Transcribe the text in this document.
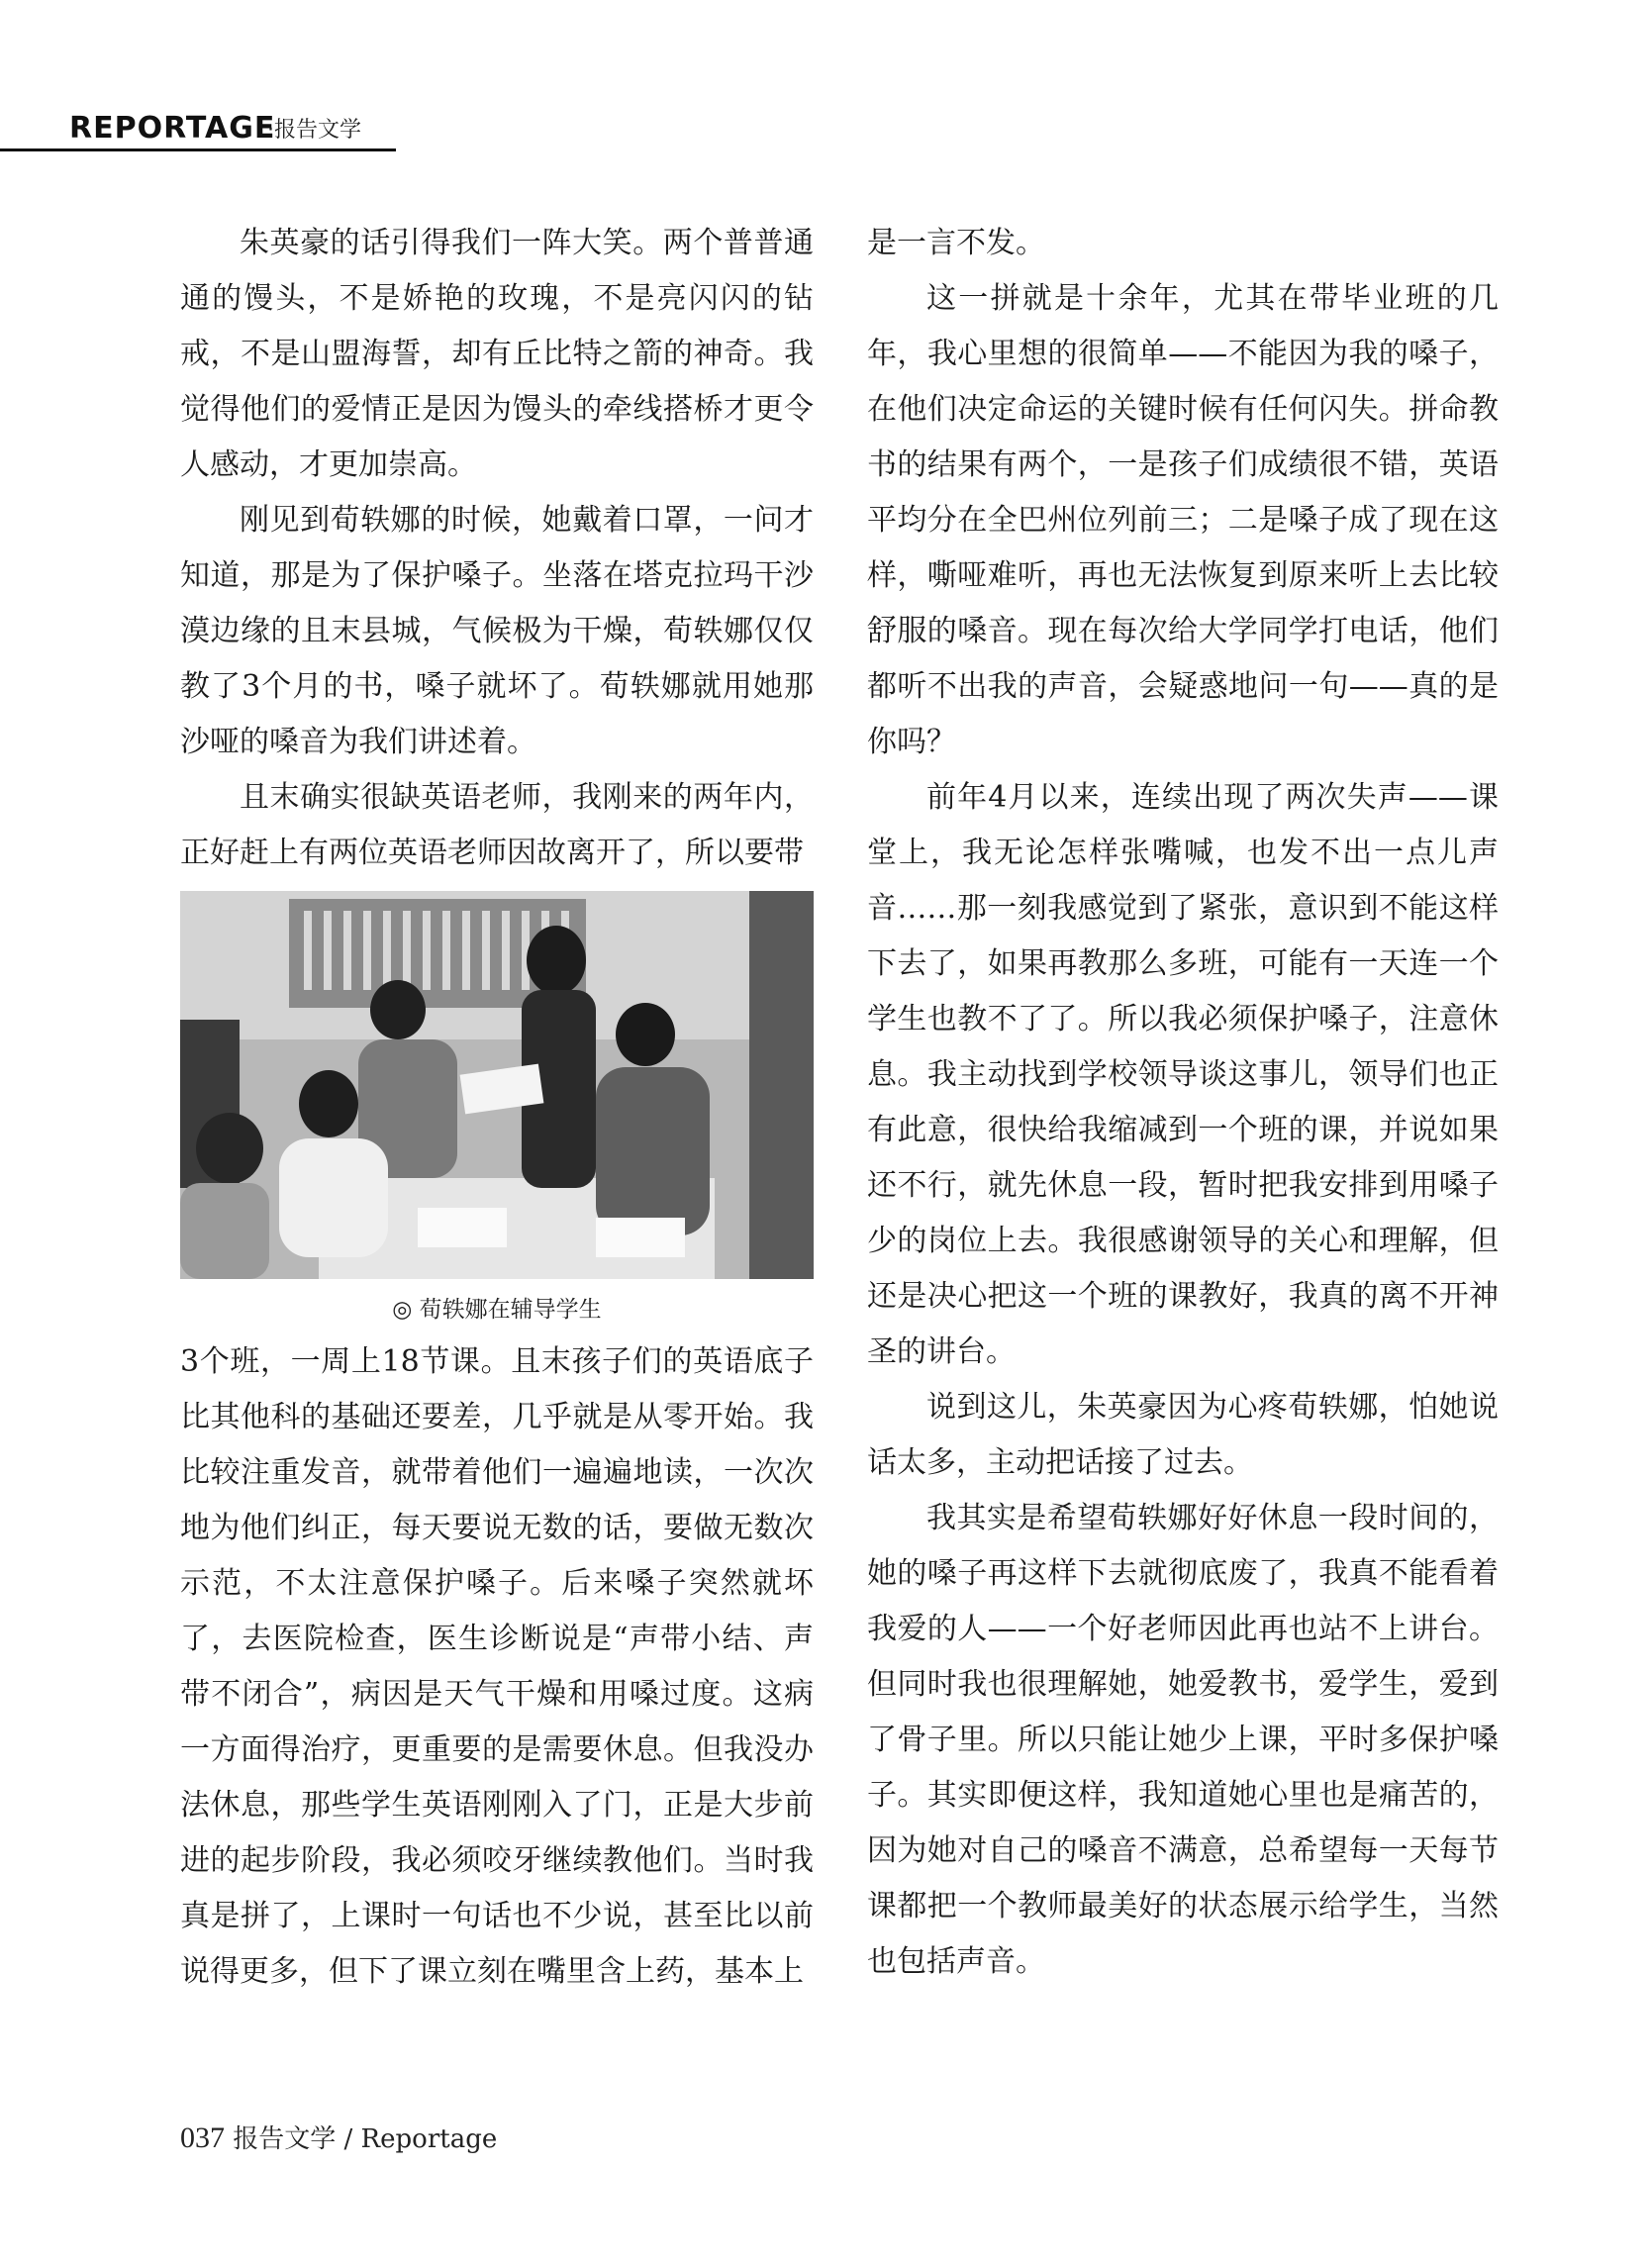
REPORTAGE
·报告文学

朱英豪的话引得我们一阵大笑。两个普普通通的馒头，不是娇艳的玫瑰，不是亮闪闪的钻戒，不是山盟海誓，却有丘比特之箭的神奇。我觉得他们的爱情正是因为馒头的牵线搭桥才更令人感动，才更加崇高。

刚见到荀轶娜的时候，她戴着口罩，一问才知道，那是为了保护嗓子。坐落在塔克拉玛干沙漠边缘的且末县城，气候极为干燥，荀轶娜仅仅教了3个月的书，嗓子就坏了。荀轶娜就用她那沙哑的嗓音为我们讲述着。

且末确实很缺英语老师，我刚来的两年内，正好赶上有两位英语老师因故离开了，所以要带

◎ 荀轶娜在辅导学生

3个班，一周上18节课。且末孩子们的英语底子比其他科的基础还要差，几乎就是从零开始。我比较注重发音，就带着他们一遍遍地读，一次次地为他们纠正，每天要说无数的话，要做无数次示范，不太注意保护嗓子。后来嗓子突然就坏了，去医院检查，医生诊断说是“声带小结、声带不闭合”，病因是天气干燥和用嗓过度。这病一方面得治疗，更重要的是需要休息。但我没办法休息，那些学生英语刚刚入了门，正是大步前进的起步阶段，我必须咬牙继续教他们。当时我真是拼了，上课时一句话也不少说，甚至比以前说得更多，但下了课立刻在嘴里含上药，基本上

是一言不发。

这一拼就是十余年，尤其在带毕业班的几年，我心里想的很简单——不能因为我的嗓子，在他们决定命运的关键时候有任何闪失。拼命教书的结果有两个，一是孩子们成绩很不错，英语平均分在全巴州位列前三；二是嗓子成了现在这样，嘶哑难听，再也无法恢复到原来听上去比较舒服的嗓音。现在每次给大学同学打电话，他们都听不出我的声音，会疑惑地问一句——真的是你吗？

前年4月以来，连续出现了两次失声——课堂上，我无论怎样张嘴喊，也发不出一点儿声音……那一刻我感觉到了紧张，意识到不能这样下去了，如果再教那么多班，可能有一天连一个学生也教不了了。所以我必须保护嗓子，注意休息。我主动找到学校领导谈这事儿，领导们也正有此意，很快给我缩减到一个班的课，并说如果还不行，就先休息一段，暂时把我安排到用嗓子少的岗位上去。我很感谢领导的关心和理解，但还是决心把这一个班的课教好，我真的离不开神圣的讲台。

说到这儿，朱英豪因为心疼荀轶娜，怕她说话太多，主动把话接了过去。

我其实是希望荀轶娜好好休息一段时间的，她的嗓子再这样下去就彻底废了，我真不能看着我爱的人——一个好老师因此再也站不上讲台。但同时我也很理解她，她爱教书，爱学生，爱到了骨子里。所以只能让她少上课，平时多保护嗓子。其实即便这样，我知道她心里也是痛苦的，因为她对自己的嗓音不满意，总希望每一天每节课都把一个教师最美好的状态展示给学生，当然也包括声音。

037 报告文学 / Reportage
